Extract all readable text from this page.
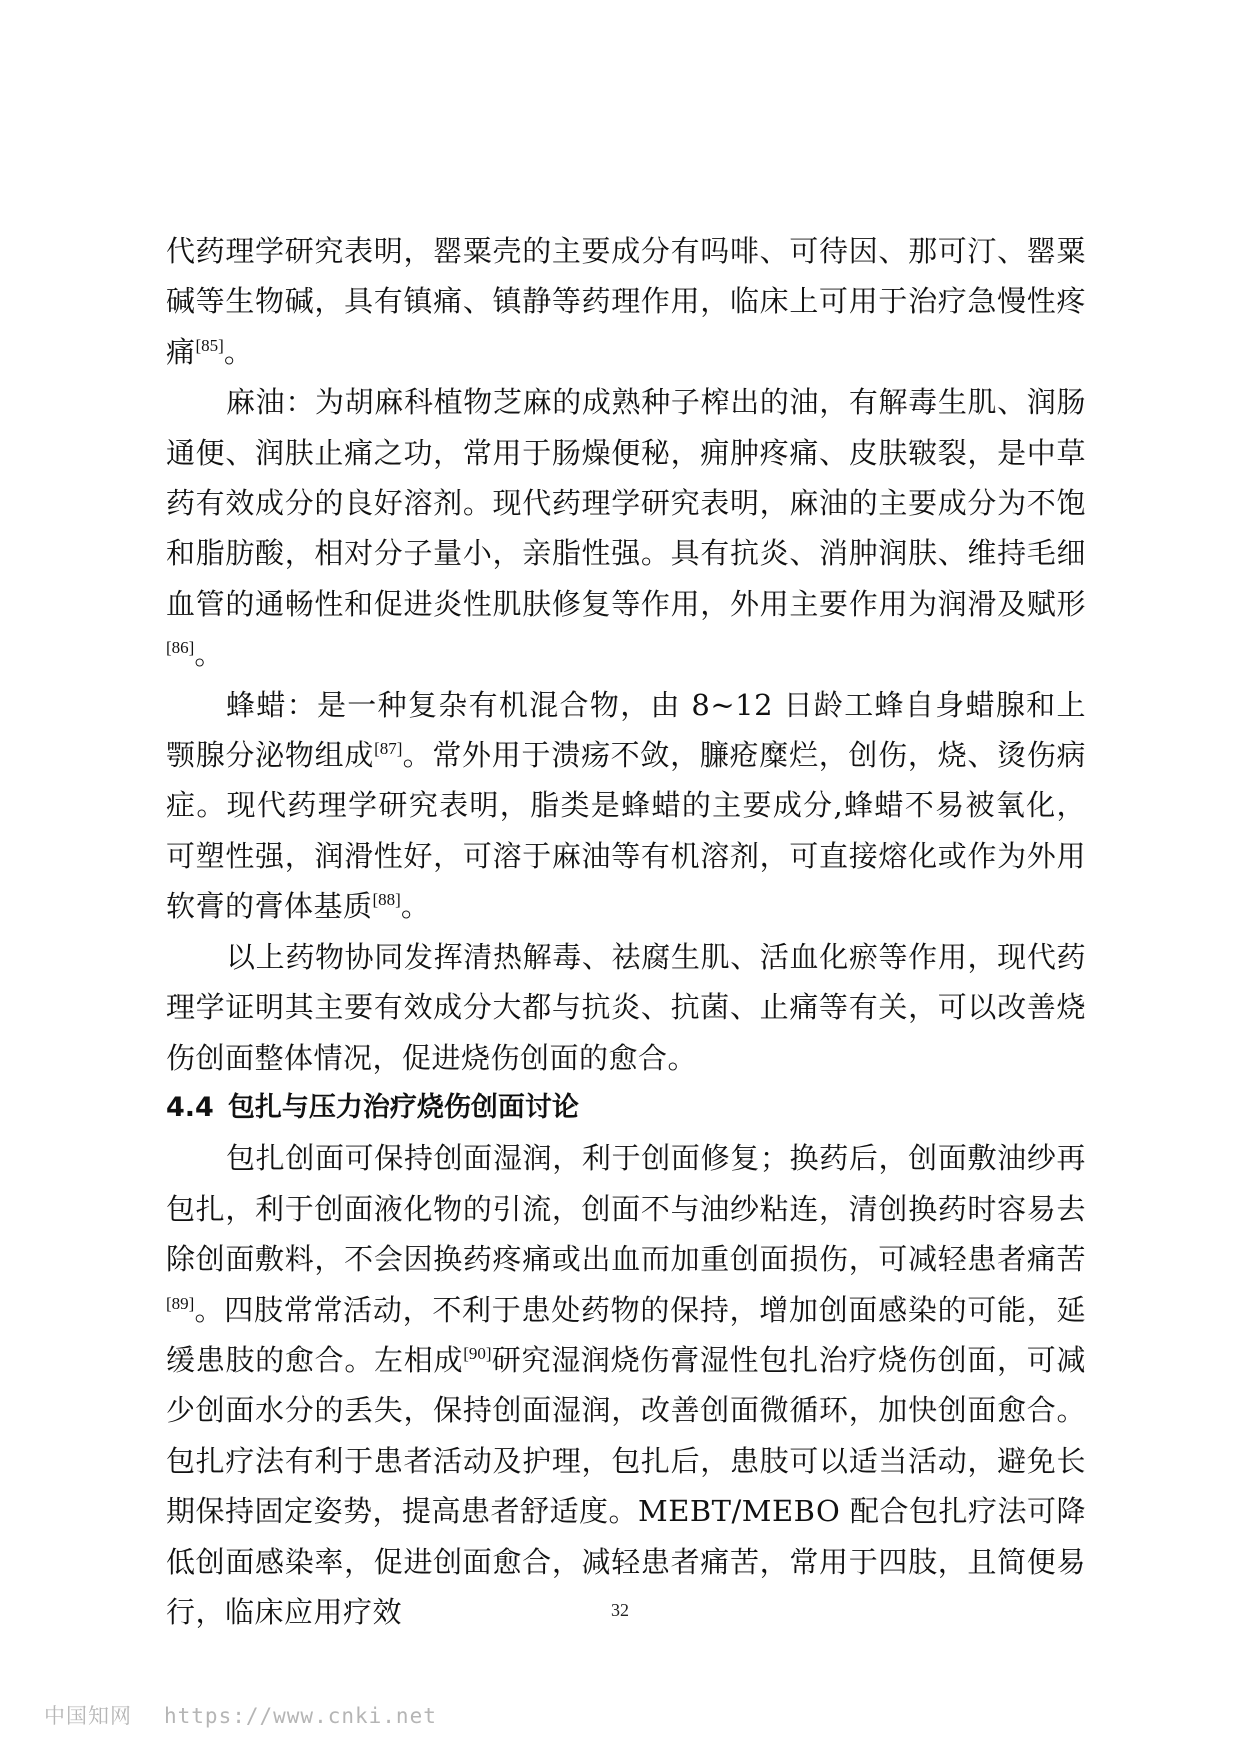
代药理学研究表明，罂粟壳的主要成分有吗啡、可待因、那可汀、罂粟碱等生物碱，具有镇痛、镇静等药理作用，临床上可用于治疗急慢性疼痛[85]。

麻油：为胡麻科植物芝麻的成熟种子榨出的油，有解毒生肌、润肠通便、润肤止痛之功，常用于肠燥便秘，痈肿疼痛、皮肤皲裂，是中草药有效成分的良好溶剂。现代药理学研究表明，麻油的主要成分为不饱和脂肪酸，相对分子量小，亲脂性强。具有抗炎、消肿润肤、维持毛细血管的通畅性和促进炎性肌肤修复等作用，外用主要作用为润滑及赋形[86]。

蜂蜡：是一种复杂有机混合物，由 8~12 日龄工蜂自身蜡腺和上颚腺分泌物组成[87]。常外用于溃疡不敛，臁疮糜烂，创伤，烧、烫伤病症。现代药理学研究表明，脂类是蜂蜡的主要成分,蜂蜡不易被氧化，可塑性强，润滑性好，可溶于麻油等有机溶剂，可直接熔化或作为外用软膏的膏体基质[88]。

以上药物协同发挥清热解毒、祛腐生肌、活血化瘀等作用，现代药理学证明其主要有效成分大都与抗炎、抗菌、止痛等有关，可以改善烧伤创面整体情况，促进烧伤创面的愈合。

4.4 包扎与压力治疗烧伤创面讨论

包扎创面可保持创面湿润，利于创面修复；换药后，创面敷油纱再包扎，利于创面液化物的引流，创面不与油纱粘连，清创换药时容易去除创面敷料，不会因换药疼痛或出血而加重创面损伤，可减轻患者痛苦[89]。四肢常常活动，不利于患处药物的保持，增加创面感染的可能，延缓患肢的愈合。左相成[90]研究湿润烧伤膏湿性包扎治疗烧伤创面，可减少创面水分的丢失，保持创面湿润，改善创面微循环，加快创面愈合。包扎疗法有利于患者活动及护理，包扎后，患肢可以适当活动，避免长期保持固定姿势，提高患者舒适度。MEBT/MEBO 配合包扎疗法可降低创面感染率，促进创面愈合，减轻患者痛苦，常用于四肢，且简便易行，临床应用疗效	32
中国知网 https://www.cnki.net
